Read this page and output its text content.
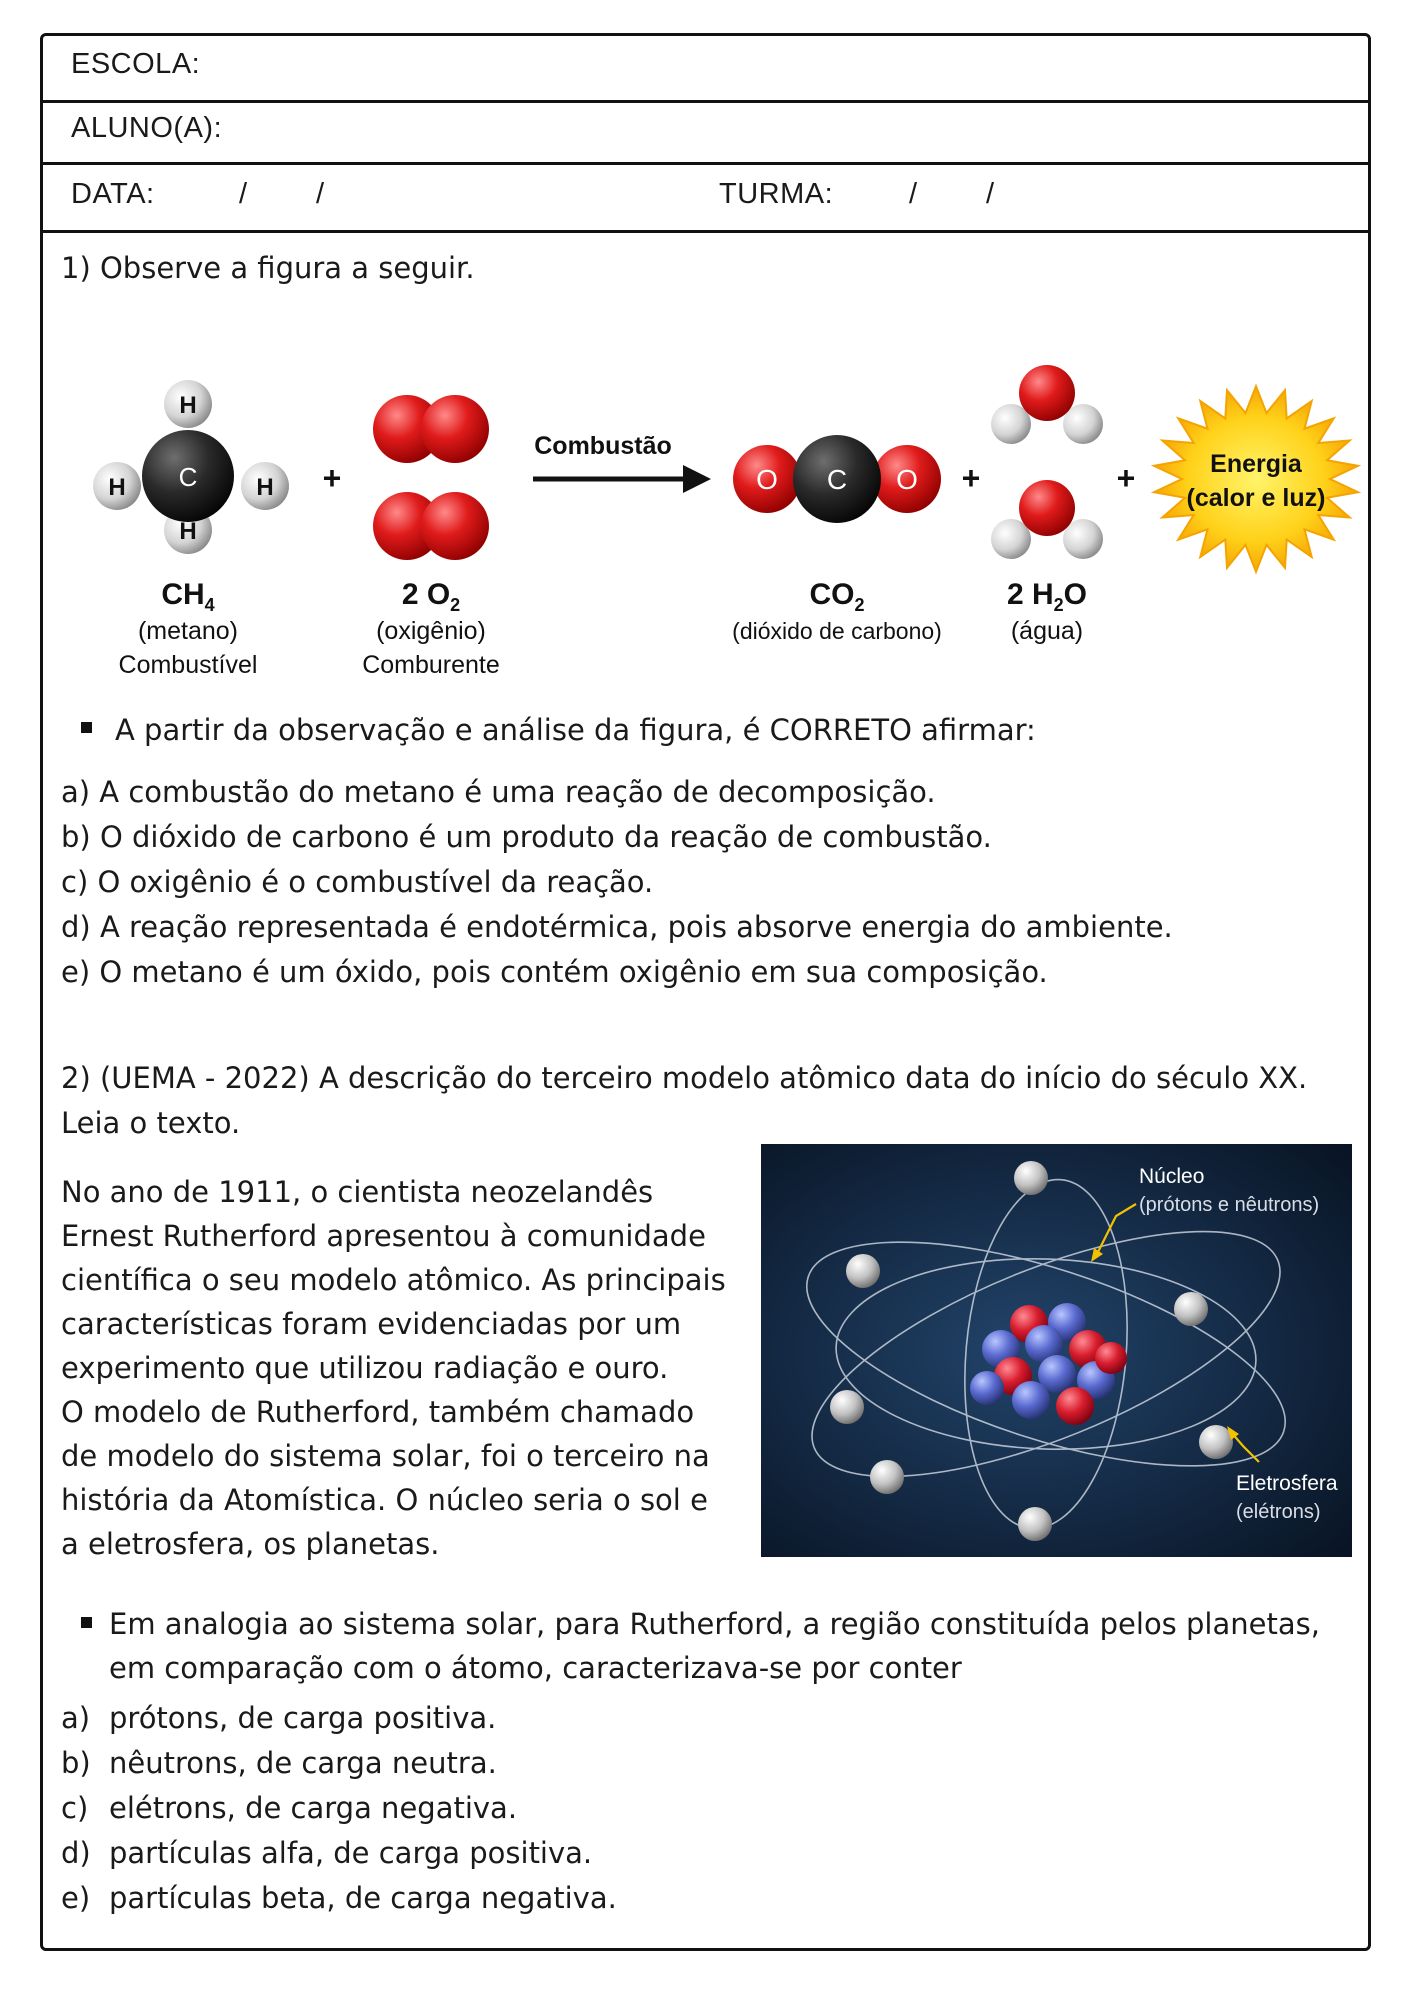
ESCOLA:
ALUNO(A):
DATA:	/        /	TURMA:	/        /
1) Observe a figura a seguir.
H
H
H	H
C	+
Combustão
O C O +	+	Energia
(calor e luz)
$CH_4$
(metano)
Combustível
2 $O_2$
(oxigênio)
Comburente
$CO_2$
(dióxido de carbono)
2 $H_2O$
(água)
A partir da observação e análise da figura, é CORRETO afirmar:
a) A combustão do metano é uma reação de decomposição.
b) O dióxido de carbono é um produto da reação de combustão.
c) O oxigênio é o combustível da reação.
d) A reação representada é endotérmica, pois absorve energia do ambiente.
e) O metano é um óxido, pois contém oxigênio em sua composição.
2) (UEMA - 2022) A descrição do terceiro modelo atômico data do início do século XX.
Leia o texto.
No ano de 1911, o cientista neozelandês
Ernest Rutherford apresentou à comunidade
científica o seu modelo atômico. As principais
características foram evidenciadas por um
experimento que utilizou radiação e ouro.
O modelo de Rutherford, também chamado
de modelo do sistema solar, foi o terceiro na
história da Atomística. O núcleo seria o sol e
a eletrosfera, os planetas.
Núcleo
(prótons e nêutrons)
Eletrosfera
(elétrons)
Em analogia ao sistema solar, para Rutherford, a região constituída pelos planetas,
em comparação com o átomo, caracterizava-se por conter
a) prótons, de carga positiva.
b) nêutrons, de carga neutra.
c) elétrons, de carga negativa.
d) partículas alfa, de carga positiva.
e) partículas beta, de carga negativa.
